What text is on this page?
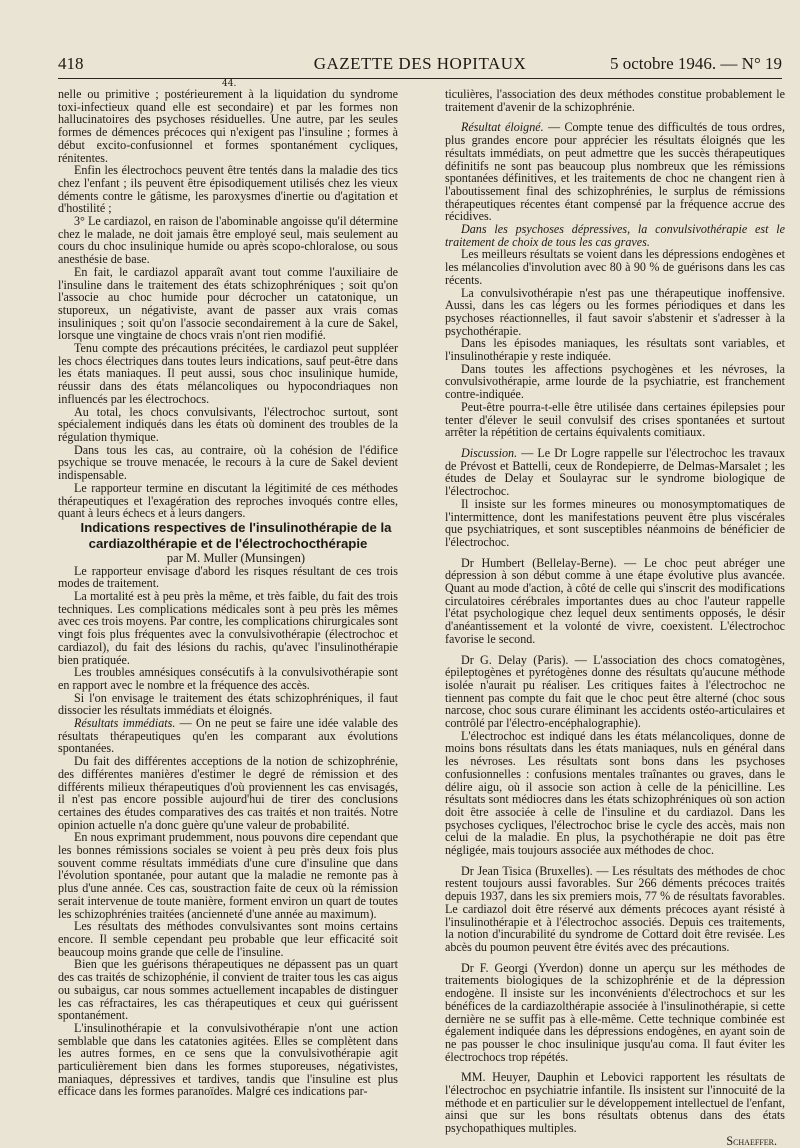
418	GAZETTE DES HOPITAUX	5 octobre 1946. — N° 19
44.

nelle ou primitive ; postérieurement à la liquidation du syndrome toxi-infectieux quand elle est secondaire) et par les formes non hallucinatoires des psychoses résiduelles. Une autre, par les seules formes de démences précoces qui n'exigent pas l'insuline ; formes à début excito-confusionnel et formes spontanément cycliques, rénitentes.

Enfin les électrochocs peuvent être tentés dans la maladie des tics chez l'enfant ; ils peuvent être épisodiquement utilisés chez les vieux déments contre le gâtisme, les paroxysmes d'inertie ou d'agitation et d'hostilité ;

3° Le cardiazol, en raison de l'abominable angoisse qu'il détermine chez le malade, ne doit jamais être employé seul, mais seulement au cours du choc insulinique humide ou après scopo-chloralose, ou sous anesthésie de base.

En fait, le cardiazol apparaît avant tout comme l'auxiliaire de l'insuline dans le traitement des états schizophréniques ; soit qu'on l'associe au choc humide pour décrocher un catatonique, un stuporeux, un négativiste, avant de passer aux vrais comas insuliniques ; soit qu'on l'associe secondairement à la cure de Sakel, lorsque une vingtaine de chocs vrais n'ont rien modifié.

Tenu compte des précautions précitées, le cardiazol peut suppléer les chocs électriques dans toutes leurs indications, sauf peut-être dans les états maniaques. Il peut aussi, sous choc insulinique humide, réussir dans des états mélancoliques ou hypocondriaques non influencés par les électrochocs.

Au total, les chocs convulsivants, l'électrochoc surtout, sont spécialement indiqués dans les états où dominent des troubles de la régulation thymique.

Dans tous les cas, au contraire, où la cohésion de l'édifice psychique se trouve menacée, le recours à la cure de Sakel devient indispensable.

Le rapporteur termine en discutant la légitimité de ces méthodes thérapeutiques et l'exagération des reproches invoqués contre elles, quant à leurs échecs et à leurs dangers.

Indications respectives de l'insulinothérapie de la cardiazolthérapie et de l'électrochocthérapie

par M. Muller (Munsingen)

Le rapporteur envisage d'abord les risques résultant de ces trois modes de traitement.

La mortalité est à peu près la même, et très faible, du fait des trois techniques. Les complications médicales sont à peu près les mêmes avec ces trois moyens. Par contre, les complications chirurgicales sont vingt fois plus fréquentes avec la convulsivothérapie (électrochoc et cardiazol), du fait des lésions du rachis, qu'avec l'insulinothérapie bien pratiquée.

Les troubles amnésiques consécutifs à la convulsivothérapie sont en rapport avec le nombre et la fréquence des accès.

Si l'on envisage le traitement des états schizophréniques, il faut dissocier les résultats immédiats et éloignés.

Résultats immédiats. — On ne peut se faire une idée valable des résultats thérapeutiques qu'en les comparant aux évolutions spontanées.

Du fait des différentes acceptions de la notion de schizophrénie, des différentes manières d'estimer le degré de rémission et des différents milieux thérapeutiques d'où proviennent les cas envisagés, il n'est pas encore possible aujourd'hui de tirer des conclusions certaines des études comparatives des cas traités et non traités. Notre opinion actuelle n'a donc guère qu'une valeur de probabilité.

En nous exprimant prudemment, nous pouvons dire cependant que les bonnes rémissions sociales se voient à peu près deux fois plus souvent comme résultats immédiats d'une cure d'insuline que dans l'évolution spontanée, pour autant que la maladie ne remonte pas à plus d'une année. Ces cas, soustraction faite de ceux où la rémission serait intervenue de toute manière, forment environ un quart de toutes les schizophrénies traitées (ancienneté d'une année au maximum).

Les résultats des méthodes convulsivantes sont moins certains encore. Il semble cependant peu probable que leur efficacité soit beaucoup moins grande que celle de l'insuline.

Bien que les guérisons thérapeutiques ne dépassent pas un quart des cas traités de schizophénie, il convient de traiter tous les cas aigus ou subaigus, car nous sommes actuellement incapables de distinguer les cas réfractaires, les cas thérapeutiques et ceux qui guérissent spontanément.

L'insulinothérapie et la convulsivothérapie n'ont une action semblable que dans les catatonies agitées. Elles se complètent dans les autres formes, en ce sens que la convulsivothérapie agit particulièrement bien dans les formes stuporeuses, négativistes, maniaques, dépressives et tardives, tandis que l'insuline est plus efficace dans les formes paranoïdes. Malgré ces indications par-

ticulières, l'association des deux méthodes constitue probablement le traitement d'avenir de la schizophrénie.

Résultat éloigné. — Compte tenue des difficultés de tous ordres, plus grandes encore pour apprécier les résultats éloignés que les résultats immédiats, on peut admettre que les succès thérapeutiques définitifs ne sont pas beaucoup plus nombreux que les rémissions spontanées définitives, et les traitements de choc ne changent rien à l'aboutissement final des schizophrénies, le surplus de rémissions thérapeutiques récentes étant compensé par la fréquence accrue des récidives.

Dans les psychoses dépressives, la convulsivothérapie est le traitement de choix de tous les cas graves.

Les meilleurs résultats se voient dans les dépressions endogènes et les mélancolies d'involution avec 80 à 90 % de guérisons dans les cas récents.

La convulsivothérapie n'est pas une thérapeutique inoffensive. Aussi, dans les cas légers ou les formes périodiques et dans les psychoses réactionnelles, il faut savoir s'abstenir et s'adresser à la psychothérapie.

Dans les épisodes maniaques, les résultats sont variables, et l'insulinothérapie y reste indiquée.

Dans toutes les affections psychogènes et les névroses, la convulsivothérapie, arme lourde de la psychiatrie, est franchement contre-indiquée.

Peut-être pourra-t-elle être utilisée dans certaines épilepsies pour tenter d'élever le seuil convulsif des crises spontanées et surtout arrêter la répétition de certains équivalents comitiaux.

Discussion. — Le Dr Logre rappelle sur l'électrochoc les travaux de Prévost et Battelli, ceux de Rondepierre, de Delmas-Marsalet ; les études de Delay et Soulayrac sur le syndrome biologique de l'électrochoc.

Il insiste sur les formes mineures ou monosymptomatiques de l'intermittence, dont les manifestations peuvent être plus viscérales que psychiatriques, et sont susceptibles néanmoins de bénéficier de l'électrochoc.

Dr Humbert (Bellelay-Berne). — Le choc peut abréger une dépression à son début comme à une étape évolutive plus avancée. Quant au mode d'action, à côté de celle qui s'inscrit des modifications circulatoires cérébrales importantes dues au choc l'auteur rappelle l'état psychologique chez lequel deux sentiments opposés, le désir d'anéantissement et la volonté de vivre, coexistent. L'électrochoc favorise le second.

Dr G. Delay (Paris). — L'association des chocs comatogènes, épileptogènes et pyrétogènes donne des résultats qu'aucune méthode isolée n'aurait pu réaliser. Les critiques faites à l'électrochoc ne tiennent pas compte du fait que le choc peut être alterné (choc sous narcose, choc sous curare éliminant les accidents ostéo-articulaires et contrôlé par l'électro-encéphalographie).

L'électrochoc est indiqué dans les états mélancoliques, donne de moins bons résultats dans les états maniaques, nuls en général dans les névroses. Les résultats sont bons dans les psychoses confusionnelles : confusions mentales traînantes ou graves, dans le délire aigu, où il associe son action à celle de la pénicilline. Les résultats sont médiocres dans les états schizophréniques où son action doit être associée à celle de l'insuline et du cardiazol. Dans les psychoses cycliques, l'électrochoc brise le cycle des accès, mais non celui de la maladie. En plus, la psychothérapie ne doit pas être négligée, mais toujours associée aux méthodes de choc.

Dr Jean Tisica (Bruxelles). — Les résultats des méthodes de choc restent toujours aussi favorables. Sur 266 déments précoces traités depuis 1937, dans les six premiers mois, 77 % de résultats favorables. Le cardiazol doit être réservé aux déments précoces ayant résisté à l'insulinothérapie et à l'électrochoc associés. Depuis ces traitements, la notion d'incurabilité du syndrome de Cottard doit être revisée. Les abcès du poumon peuvent être évités avec des précautions.

Dr F. Georgi (Yverdon) donne un aperçu sur les méthodes de traitements biologiques de la schizophrénie et de la dépression endogène. Il insiste sur les inconvénients d'électrochocs et sur les bénéfices de la cardiazolthérapie associée à l'insulinothérapie, si cette dernière ne se suffit pas à elle-même. Cette technique combinée est également indiquée dans les dépressions endogènes, en ayant soin de ne pas pousser le choc insulinique jusqu'au coma. Il faut éviter les électrochocs trop répétés.

MM. Heuyer, Dauphin et Lebovici rapportent les résultats de l'électrochoc en psychiatrie infantile. Ils insistent sur l'innocuité de la méthode et en particulier sur le développement intellectuel de l'enfant, ainsi que sur les bons résultats obtenus dans des états psychopathiques multiples.

Schaeffer.
